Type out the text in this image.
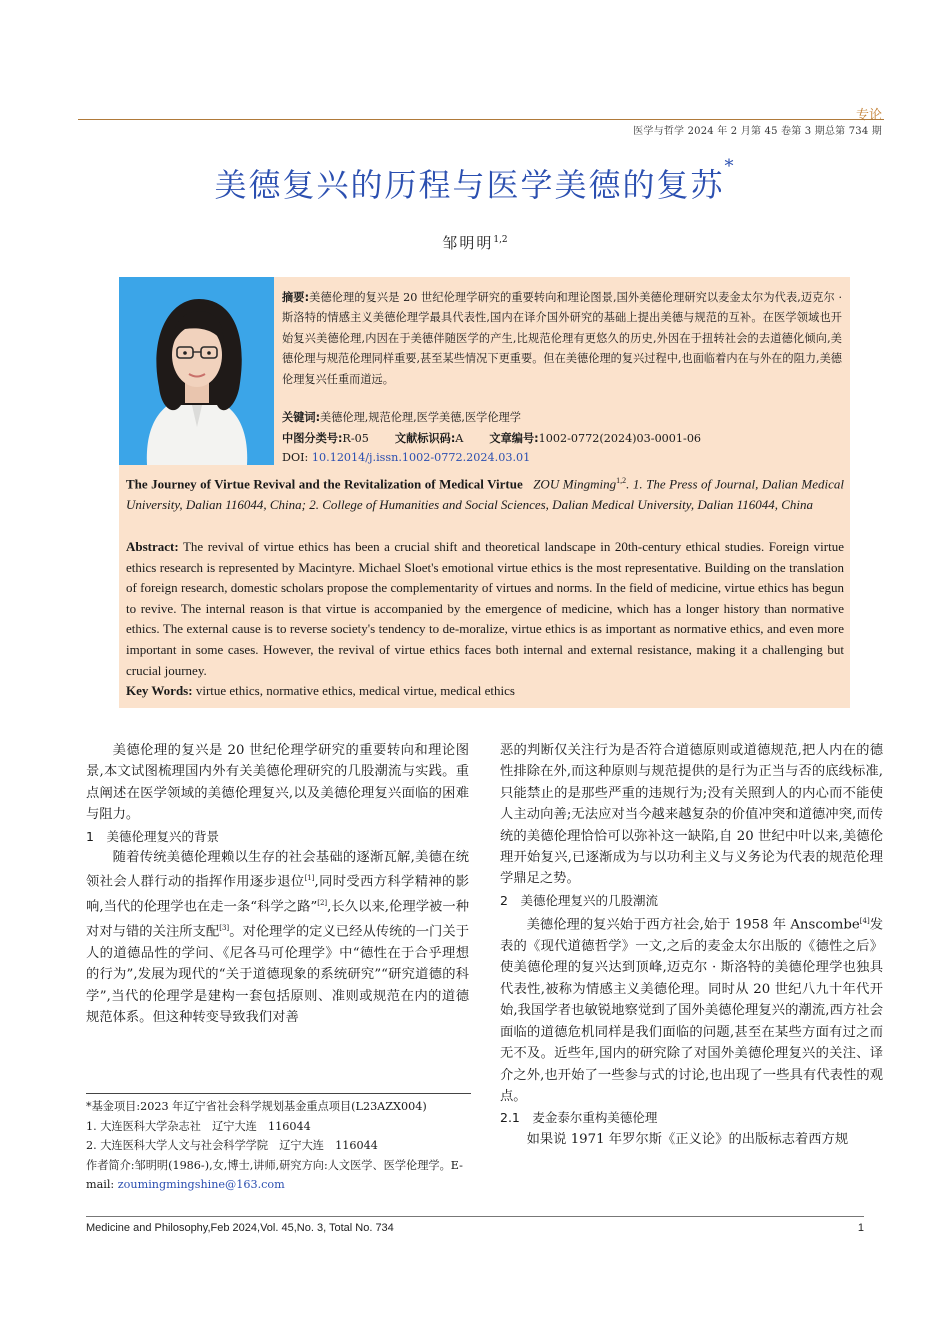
专论
医学与哲学 2024 年 2 月第 45 卷第 3 期总第 734 期
美德复兴的历程与医学美德的复苏*
邹明明$^{1,2}$
摘要:美德伦理的复兴是 20 世纪伦理学研究的重要转向和理论图景,国外美德伦理研究以麦金太尔为代表,迈克尔 · 斯洛特的情感主义美德伦理学最具代表性,国内在译介国外研究的基础上提出美德与规范的互补。在医学领域也开始复兴美德伦理,内因在于美德伴随医学的产生,比规范伦理有更悠久的历史,外因在于扭转社会的去道德化倾向,美德伦理与规范伦理同样重要,甚至某些情况下更重要。但在美德伦理的复兴过程中,也面临着内在与外在的阻力,美德伦理复兴任重而道远。
关键词:美德伦理,规范伦理,医学美德,医学伦理学
中图分类号:R-05 文献标识码:A 文章编号:1002-0772(2024)03-0001-06
DOI: 10.12014/j.issn.1002-0772.2024.03.01
The Journey of Virtue Revival and the Revitalization of Medical Virtue ZOU Mingming$^{1,2}$. 1. The Press of Journal, Dalian Medical University, Dalian 116044, China; 2. College of Humanities and Social Sciences, Dalian Medical University, Dalian 116044, China
Abstract: The revival of virtue ethics has been a crucial shift and theoretical landscape in 20th-century ethical studies. Foreign virtue ethics research is represented by Macintyre. Michael Sloet's emotional virtue ethics is the most representative. Building on the translation of foreign research, domestic scholars propose the complementarity of virtues and norms. In the field of medicine, virtue ethics has begun to revive. The internal reason is that virtue is accompanied by the emergence of medicine, which has a longer history than normative ethics. The external cause is to reverse society's tendency to de-moralize, virtue ethics is as important as normative ethics, and even more important in some cases. However, the revival of virtue ethics faces both internal and external resistance, making it a challenging but crucial journey.
Key Words: virtue ethics, normative ethics, medical virtue, medical ethics

美德伦理的复兴是 20 世纪伦理学研究的重要转向和理论图景,本文试图梳理国内外有关美德伦理研究的几股潮流与实践。重点阐述在医学领域的美德伦理复兴,以及美德伦理复兴面临的困难与阻力。

1　美德伦理复兴的背景

随着传统美德伦理赖以生存的社会基础的逐渐瓦解,美德在统领社会人群行动的指挥作用逐步退位[1],同时受西方科学精神的影响,当代的伦理学也在走一条“科学之路”[2],长久以来,伦理学被一种对对与错的关注所支配[3]。对伦理学的定义已经从传统的一门关于人的道德品性的学问、《尼各马可伦理学》中“德性在于合乎理想的行为”,发展为现代的“关于道德现象的系统研究”“研究道德的科学”,当代的伦理学是建构一套包括原则、准则或规范在内的道德规范体系。但这种转变导致我们对善

恶的判断仅关注行为是否符合道德原则或道德规范,把人内在的德性排除在外,而这种原则与规范提供的是行为正当与否的底线标准,只能禁止的是那些严重的违规行为;没有关照到人的内心而不能使人主动向善;无法应对当今越来越复杂的价值冲突和道德冲突,而传统的美德伦理恰恰可以弥补这一缺陷,自 20 世纪中叶以来,美德伦理开始复兴,已逐渐成为与以功利主义与义务论为代表的规范伦理学鼎足之势。

2　美德伦理复兴的几股潮流

美德伦理的复兴始于西方社会,始于 1958 年 Anscombe[4]发表的《现代道德哲学》一文,之后的麦金太尔出版的《德性之后》使美德伦理的复兴达到顶峰,迈克尔 · 斯洛特的美德伦理学也独具代表性,被称为情感主义美德伦理。同时从 20 世纪八九十年代开始,我国学者也敏锐地察觉到了国外美德伦理复兴的潮流,西方社会面临的道德危机同样是我们面临的问题,甚至在某些方面有过之而无不及。近些年,国内的研究除了对国外美德伦理复兴的关注、译介之外,也开始了一些参与式的讨论,也出现了一些具有代表性的观点。

2.1　麦金泰尔重构美德伦理

如果说 1971 年罗尔斯《正义论》的出版标志着西方规

*基金项目:2023 年辽宁省社会科学规划基金重点项目(L23AZX004)
1. 大连医科大学杂志社　辽宁大连　116044
2. 大连医科大学人文与社会科学学院　辽宁大连　116044
作者简介:邹明明(1986-),女,博士,讲师,研究方向:人文医学、医学伦理学。E-mail: zoumingmingshine@163.com
Medicine and Philosophy,Feb 2024,Vol. 45,No. 3, Total No. 734	1
